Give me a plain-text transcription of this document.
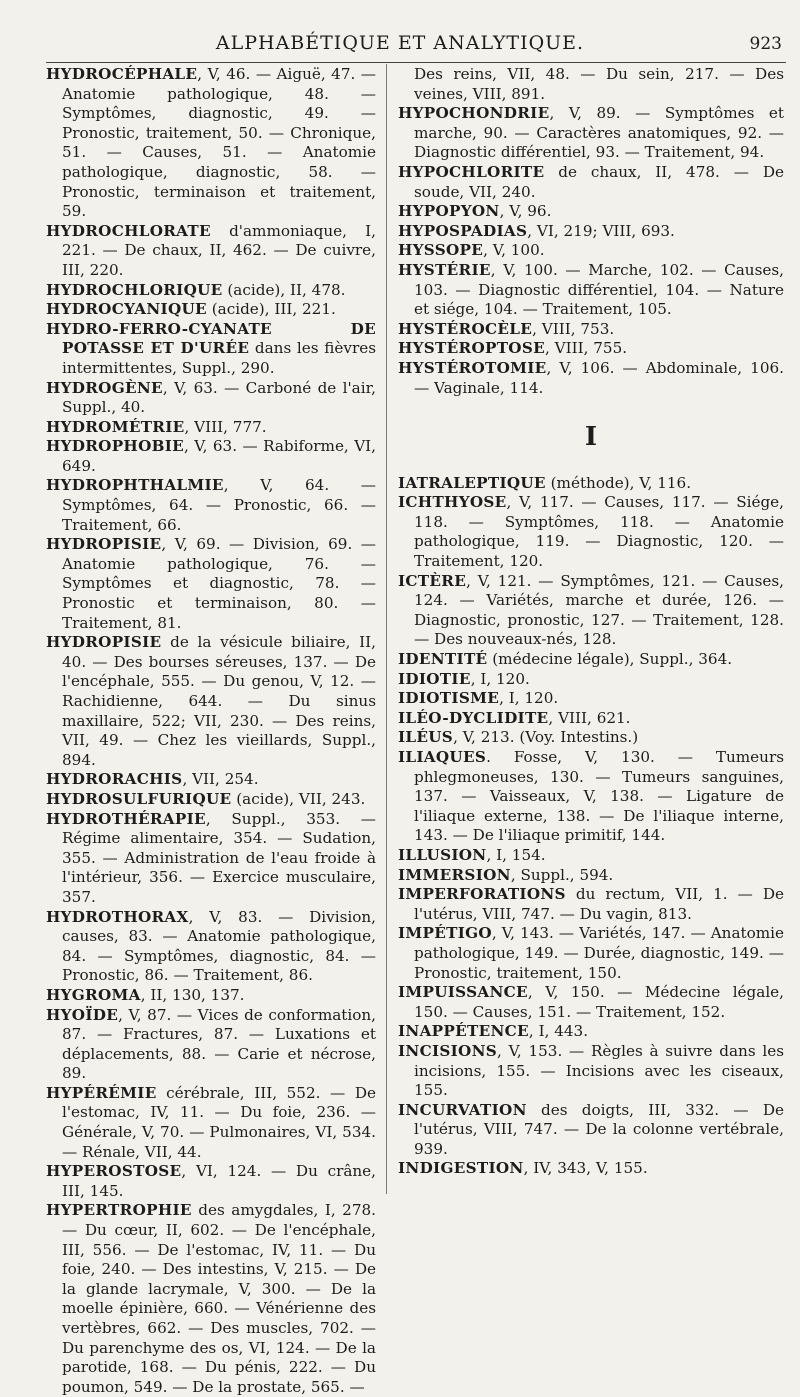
ALPHABÉTIQUE ET ANALYTIQUE.	923
HYDROCÉPHALE, V, 46. — Aiguë, 47. — Anatomie pathologique, 48. — Symptômes, diagnostic, 49. — Pronostic, traitement, 50. — Chronique, 51. — Causes, 51. — Anatomie pathologique, diagnostic, 58. — Pronostic, terminaison et traitement, 59.
HYDROCHLORATE d'ammoniaque, I, 221. — De chaux, II, 462. — De cuivre, III, 220.
HYDROCHLORIQUE (acide), II, 478.
HYDROCYANIQUE (acide), III, 221.
HYDRO-FERRO-CYANATE DE POTASSE ET D'URÉE dans les fièvres intermittentes, Suppl., 290.
HYDROGÈNE, V, 63. — Carboné de l'air, Suppl., 40.
HYDROMÉTRIE, VIII, 777.
HYDROPHOBIE, V, 63. — Rabiforme, VI, 649.
HYDROPHTHALMIE, V, 64. — Symptômes, 64. — Pronostic, 66. — Traitement, 66.
HYDROPISIE, V, 69. — Division, 69. — Anatomie pathologique, 76. — Symptômes et diagnostic, 78. — Pronostic et terminaison, 80. — Traitement, 81.
HYDROPISIE de la vésicule biliaire, II, 40. — Des bourses séreuses, 137. — De l'encéphale, 555. — Du genou, V, 12. — Rachidienne, 644. — Du sinus maxillaire, 522; VII, 230. — Des reins, VII, 49. — Chez les vieillards, Suppl., 894.
HYDRORACHIS, VII, 254.
HYDROSULFURIQUE (acide), VII, 243.
HYDROTHÉRAPIE, Suppl., 353. — Régime alimentaire, 354. — Sudation, 355. — Administration de l'eau froide à l'intérieur, 356. — Exercice musculaire, 357.
HYDROTHORAX, V, 83. — Division, causes, 83. — Anatomie pathologique, 84. — Symptômes, diagnostic, 84. — Pronostic, 86. — Traitement, 86.
HYGROMA, II, 130, 137.
HYOÏDE, V, 87. — Vices de conformation, 87. — Fractures, 87. — Luxations et déplacements, 88. — Carie et nécrose, 89.
HYPÉRÉMIE cérébrale, III, 552. — De l'estomac, IV, 11. — Du foie, 236. — Générale, V, 70. — Pulmonaires, VI, 534. — Rénale, VII, 44.
HYPEROSTOSE, VI, 124. — Du crâne, III, 145.
HYPERTROPHIE des amygdales, I, 278. — Du cœur, II, 602. — De l'encéphale, III, 556. — De l'estomac, IV, 11. — Du foie, 240. — Des intestins, V, 215. — De la glande lacrymale, V, 300. — De la moelle épinière, 660. — Vénérienne des vertèbres, 662. — Des muscles, 702. — Du parenchyme des os, VI, 124. — De la parotide, 168. — Du pénis, 222. — Du poumon, 549. — De la prostate, 565. —
Des reins, VII, 48. — Du sein, 217. — Des veines, VIII, 891.
HYPOCHONDRIE, V, 89. — Symptômes et marche, 90. — Caractères anatomiques, 92. — Diagnostic différentiel, 93. — Traitement, 94.
HYPOCHLORITE de chaux, II, 478. — De soude, VII, 240.
HYPOPYON, V, 96.
HYPOSPADIAS, VI, 219; VIII, 693.
HYSSOPE, V, 100.
HYSTÉRIE, V, 100. — Marche, 102. — Causes, 103. — Diagnostic différentiel, 104. — Nature et siége, 104. — Traitement, 105.
HYSTÉROCÈLE, VIII, 753.
HYSTÉROPTOSE, VIII, 755.
HYSTÉROTOMIE, V, 106. — Abdominale, 106. — Vaginale, 114.
I
IATRALEPTIQUE (méthode), V, 116.
ICHTHYOSE, V, 117. — Causes, 117. — Siége, 118. — Symptômes, 118. — Anatomie pathologique, 119. — Diagnostic, 120. — Traitement, 120.
ICTÈRE, V, 121. — Symptômes, 121. — Causes, 124. — Variétés, marche et durée, 126. — Diagnostic, pronostic, 127. — Traitement, 128. — Des nouveaux-nés, 128.
IDENTITÉ (médecine légale), Suppl., 364.
IDIOTIE, I, 120.
IDIOTISME, I, 120.
ILÉO-DYCLIDITE, VIII, 621.
ILÉUS, V, 213. (Voy. Intestins.)
ILIAQUES. Fosse, V, 130. — Tumeurs phlegmoneuses, 130. — Tumeurs sanguines, 137. — Vaisseaux, V, 138. — Ligature de l'iliaque externe, 138. — De l'iliaque interne, 143. — De l'iliaque primitif, 144.
ILLUSION, I, 154.
IMMERSION, Suppl., 594.
IMPERFORATIONS du rectum, VII, 1. — De l'utérus, VIII, 747. — Du vagin, 813.
IMPÉTIGO, V, 143. — Variétés, 147. — Anatomie pathologique, 149. — Durée, diagnostic, 149. — Pronostic, traitement, 150.
IMPUISSANCE, V, 150. — Médecine légale, 150. — Causes, 151. — Traitement, 152.
INAPPÉTENCE, I, 443.
INCISIONS, V, 153. — Règles à suivre dans les incisions, 155. — Incisions avec les ciseaux, 155.
INCURVATION des doigts, III, 332. — De l'utérus, VIII, 747. — De la colonne vertébrale, 939.
INDIGESTION, IV, 343, V, 155.
